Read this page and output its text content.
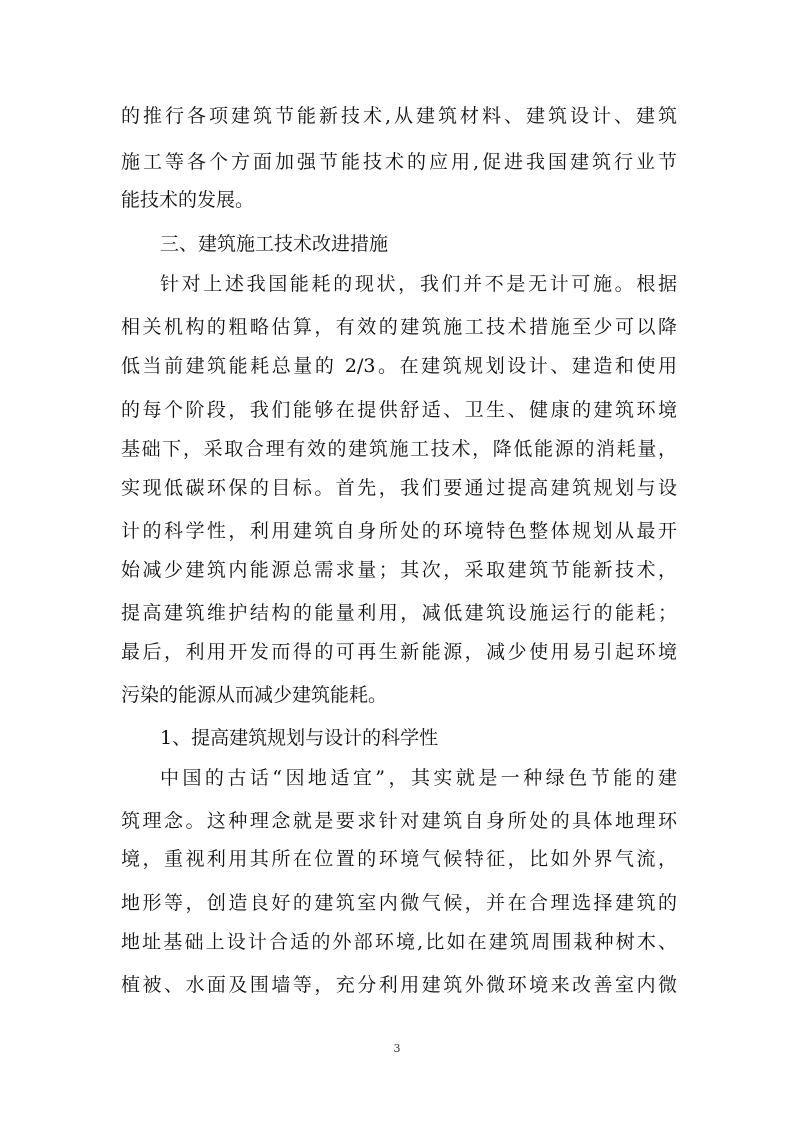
的推行各项建筑节能新技术,从建筑材料、建筑设计、建筑
施工等各个方面加强节能技术的应用,促进我国建筑行业节
能技术的发展。
三、建筑施工技术改进措施
针对上述我国能耗的现状，我们并不是无计可施。根据
相关机构的粗略估算，有效的建筑施工技术措施至少可以降
低当前建筑能耗总量的 2/3。在建筑规划设计、建造和使用
的每个阶段，我们能够在提供舒适、卫生、健康的建筑环境
基础下，采取合理有效的建筑施工技术，降低能源的消耗量，
实现低碳环保的目标。首先，我们要通过提高建筑规划与设
计的科学性，利用建筑自身所处的环境特色整体规划从最开
始减少建筑内能源总需求量；其次，采取建筑节能新技术，
提高建筑维护结构的能量利用，减低建筑设施运行的能耗；
最后，利用开发而得的可再生新能源，减少使用易引起环境
污染的能源从而减少建筑能耗。
1、提高建筑规划与设计的科学性
中国的古话“因地适宜”，其实就是一种绿色节能的建
筑理念。这种理念就是要求针对建筑自身所处的具体地理环
境，重视利用其所在位置的环境气候特征，比如外界气流，
地形等，创造良好的建筑室内微气候，并在合理选择建筑的
地址基础上设计合适的外部环境,比如在建筑周围栽种树木、
植被、水面及围墙等，充分利用建筑外微环境来改善室内微
3
